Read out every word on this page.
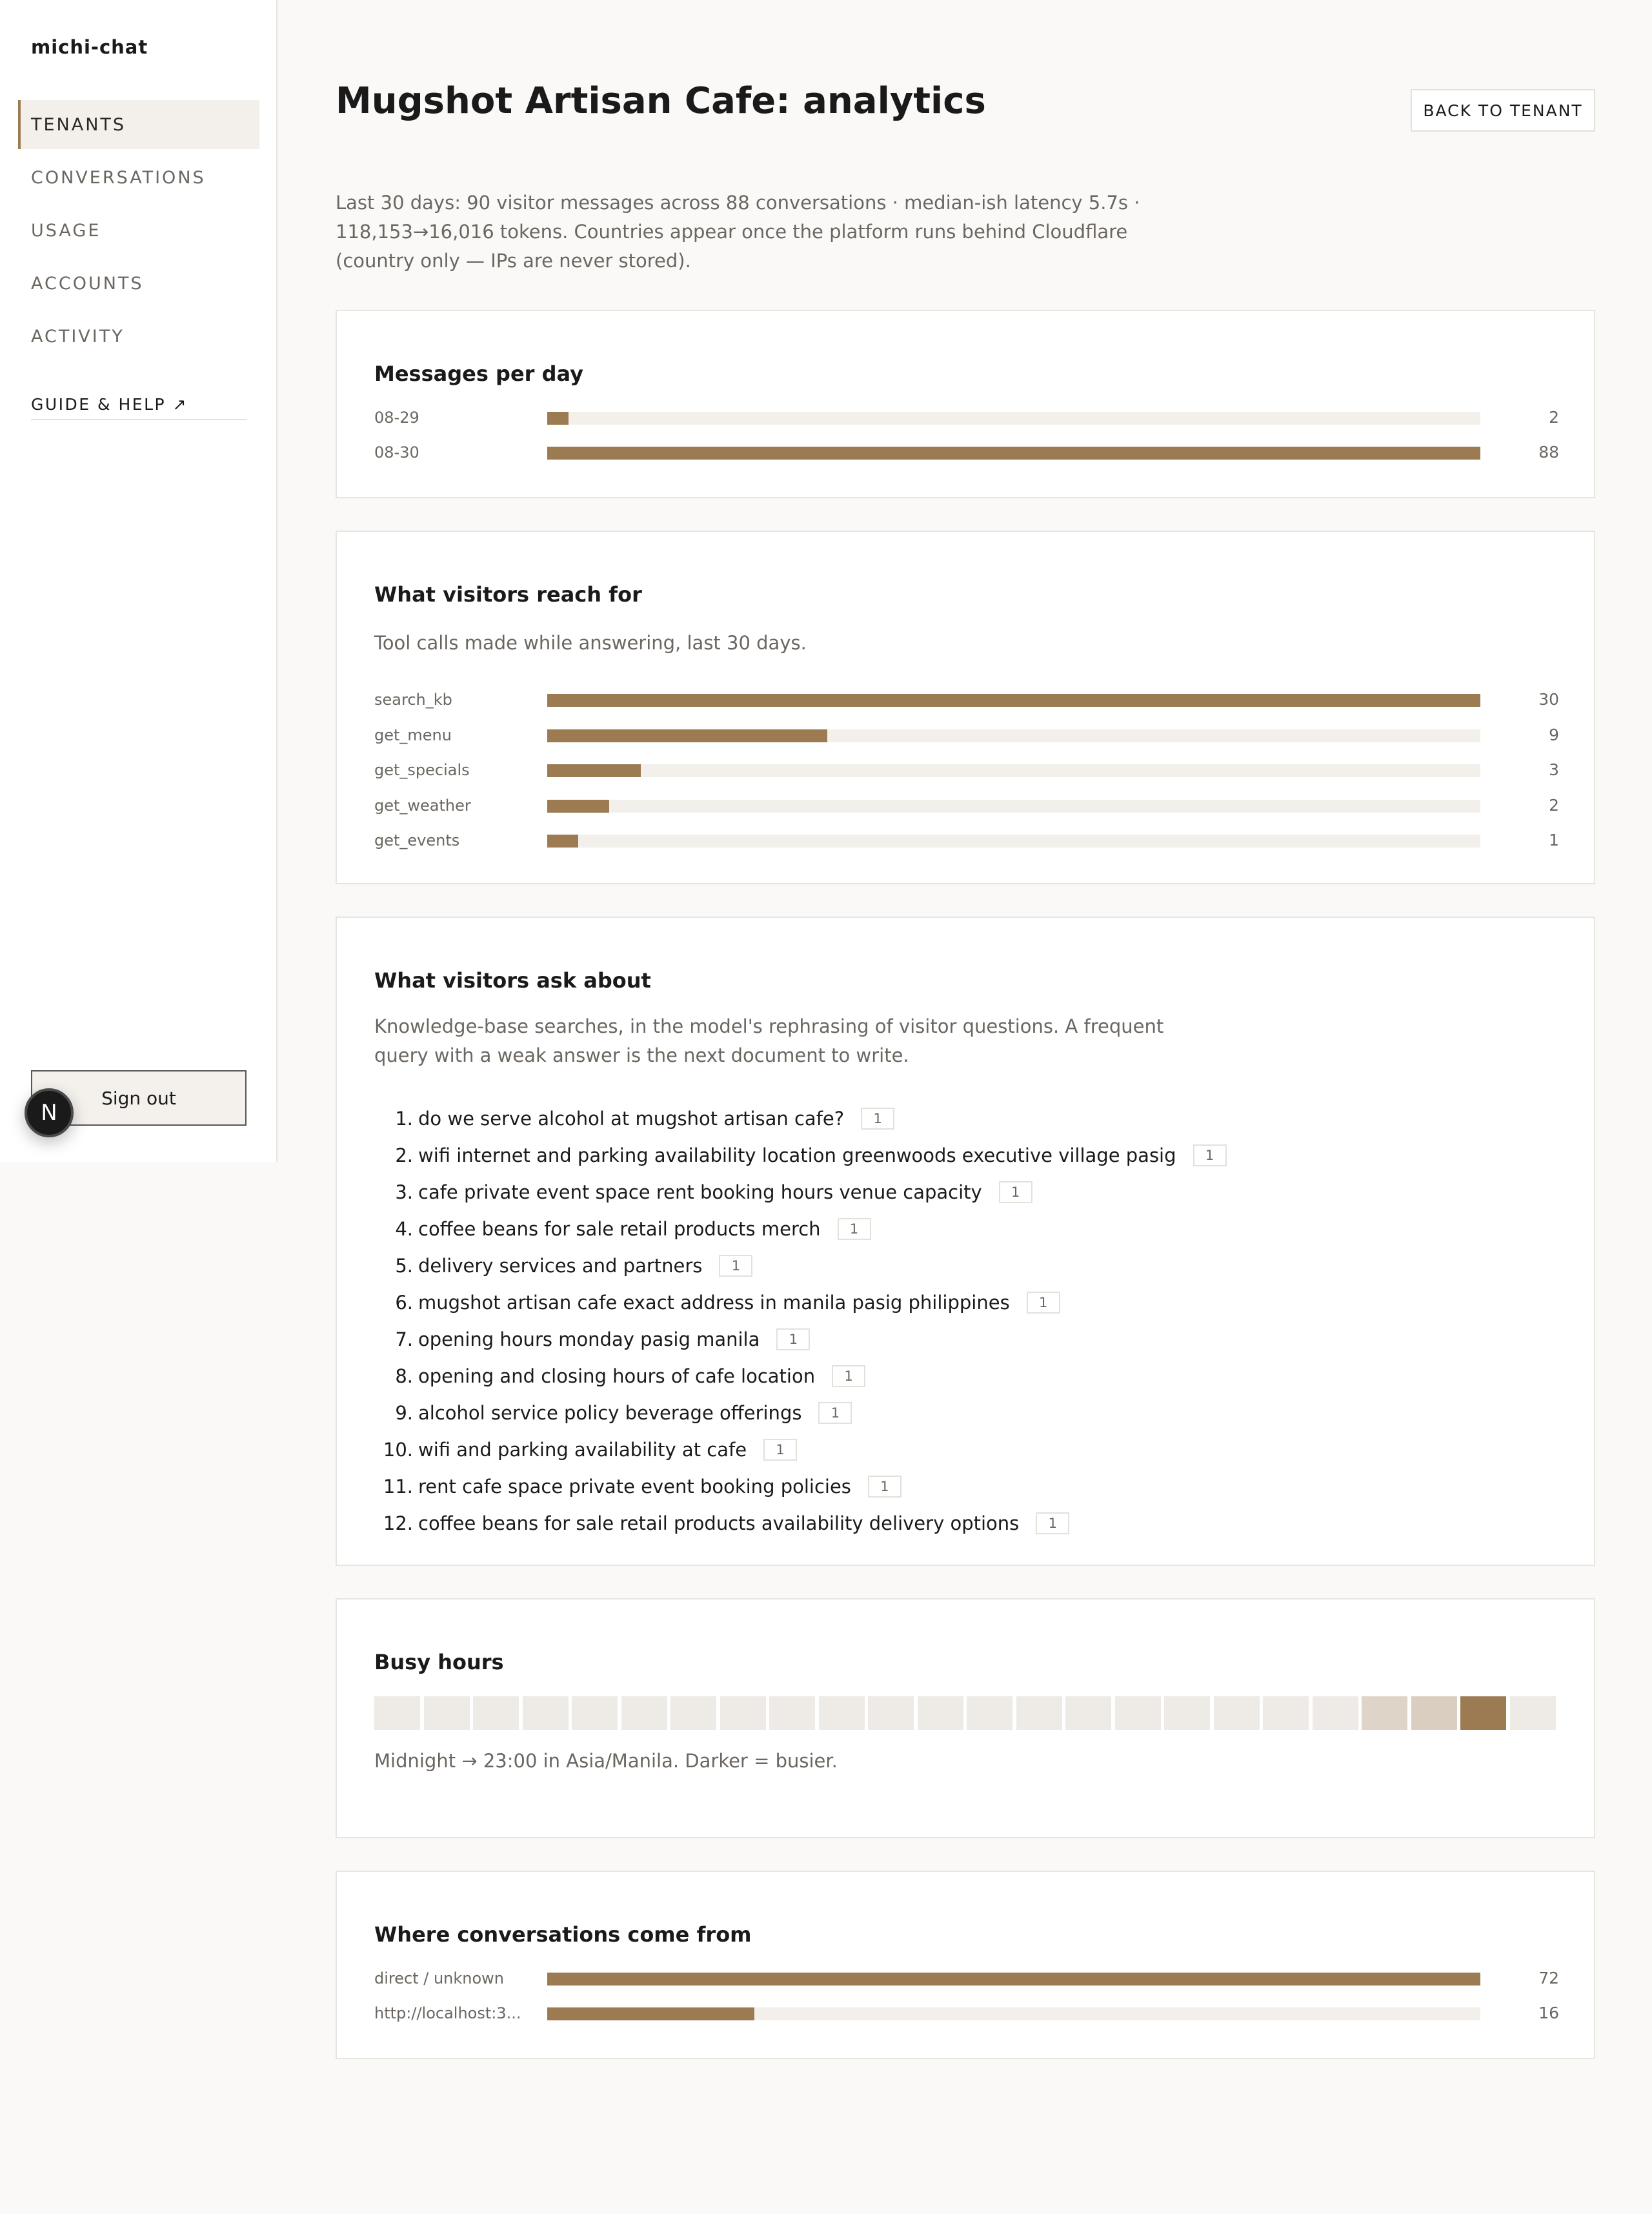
michi-chat
TENANTS
CONVERSATIONS
USAGE
ACCOUNTS
ACTIVITY
GUIDE & HELP ↗
Sign out
N
Mugshot Artisan Cafe: analytics	BACK TO TENANT

Last 30 days: 90 visitor messages across 88 conversations · median-ish latency 5.7s · 118,153→16,016 tokens. Countries appear once the platform runs behind Cloudflare (country only — IPs are never stored).

Messages per day
08-29	2
08-30	88
What visitors reach for

Tool calls made while answering, last 30 days.

search_kb	30
get_menu	9
get_specials	3
get_weather	2
get_events	1
What visitors ask about

Knowledge-base searches, in the model's rephrasing of visitor questions. A frequent query with a weak answer is the next document to write.

1. do we serve alcohol at mugshot artisan cafe?	1
2. wifi internet and parking availability location greenwoods executive village pasig	1
3. cafe private event space rent booking hours venue capacity	1
4. coffee beans for sale retail products merch	1
5. delivery services and partners	1
6. mugshot artisan cafe exact address in manila pasig philippines	1
7. opening hours monday pasig manila	1
8. opening and closing hours of cafe location	1
9. alcohol service policy beverage offerings	1
10. wifi and parking availability at cafe	1
11. rent cafe space private event booking policies	1
12. coffee beans for sale retail products availability delivery options	1
Busy hours

Midnight → 23:00 in Asia/Manila. Darker = busier.

Where conversations come from
direct / unknown	72
http://localhost:3...	16
